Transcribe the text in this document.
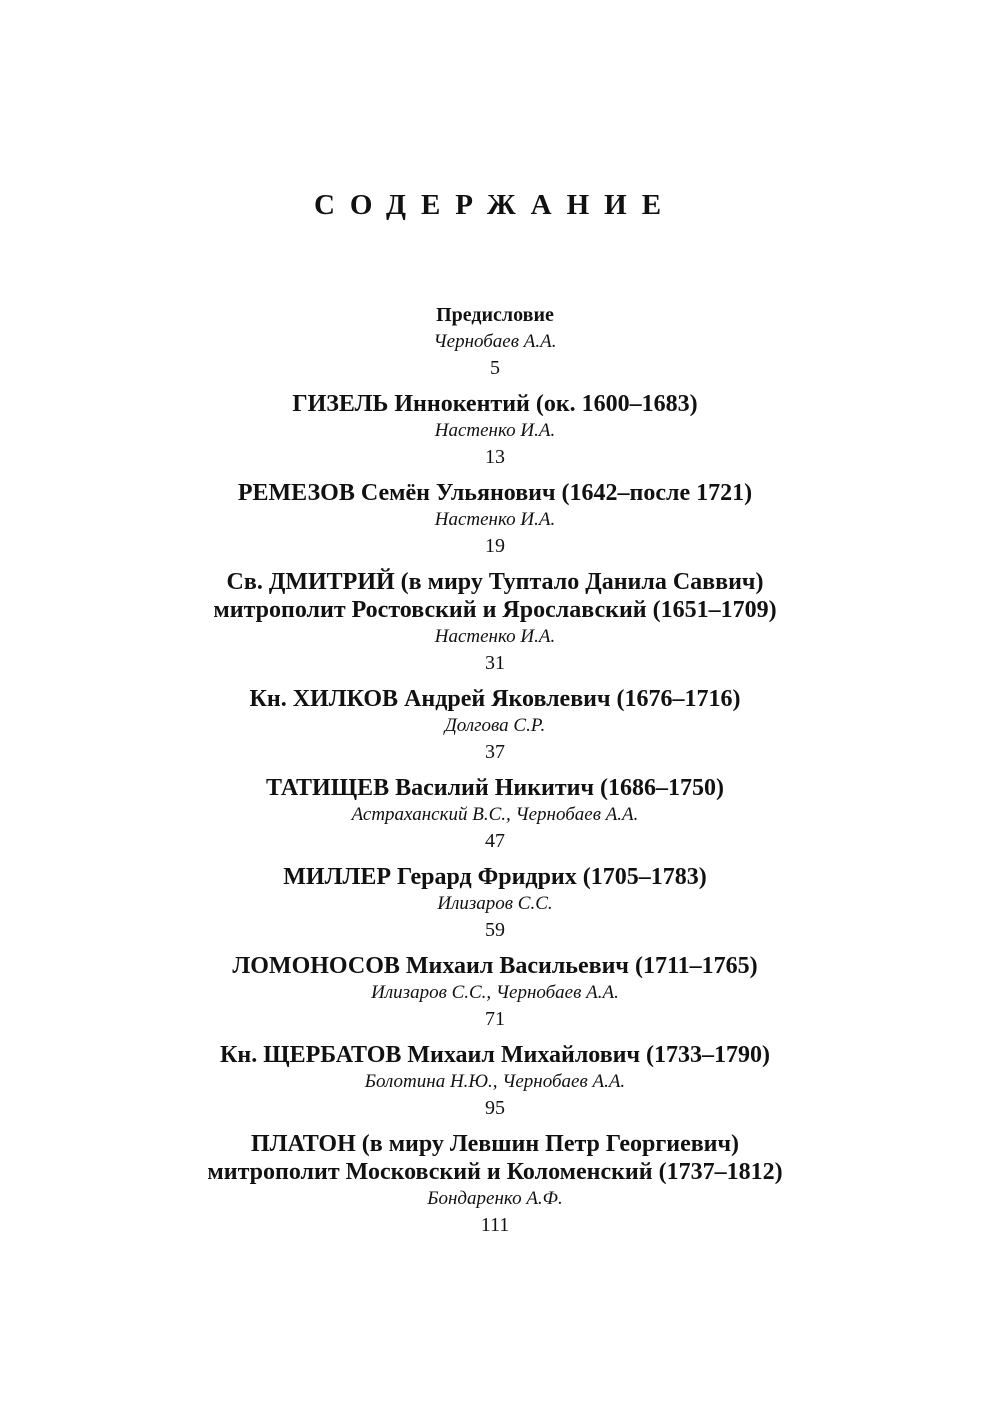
СОДЕРЖАНИЕ
Предисловие
Чернобаев А.А.
5
ГИЗЕЛЬ Иннокентий (ок. 1600–1683)
Настенко И.А.
13
РЕМЕЗОВ Семён Ульянович (1642–после 1721)
Настенко И.А.
19
Св. ДМИТРИЙ (в миру Туптало Данила Саввич)
митрополит Ростовский и Ярославский (1651–1709)
Настенко И.А.
31
Кн. ХИЛКОВ Андрей Яковлевич (1676–1716)
Долгова С.Р.
37
ТАТИЩЕВ Василий Никитич (1686–1750)
Астраханский В.С., Чернобаев А.А.
47
МИЛЛЕР Герард Фридрих (1705–1783)
Илизаров С.С.
59
ЛОМОНОСОВ Михаил Васильевич (1711–1765)
Илизаров С.С., Чернобаев А.А.
71
Кн. ЩЕРБАТОВ Михаил Михайлович (1733–1790)
Болотина Н.Ю., Чернобаев А.А.
95
ПЛАТОН (в миру Левшин Петр Георгиевич)
митрополит Московский и Коломенский (1737–1812)
Бондаренко А.Ф.
111
